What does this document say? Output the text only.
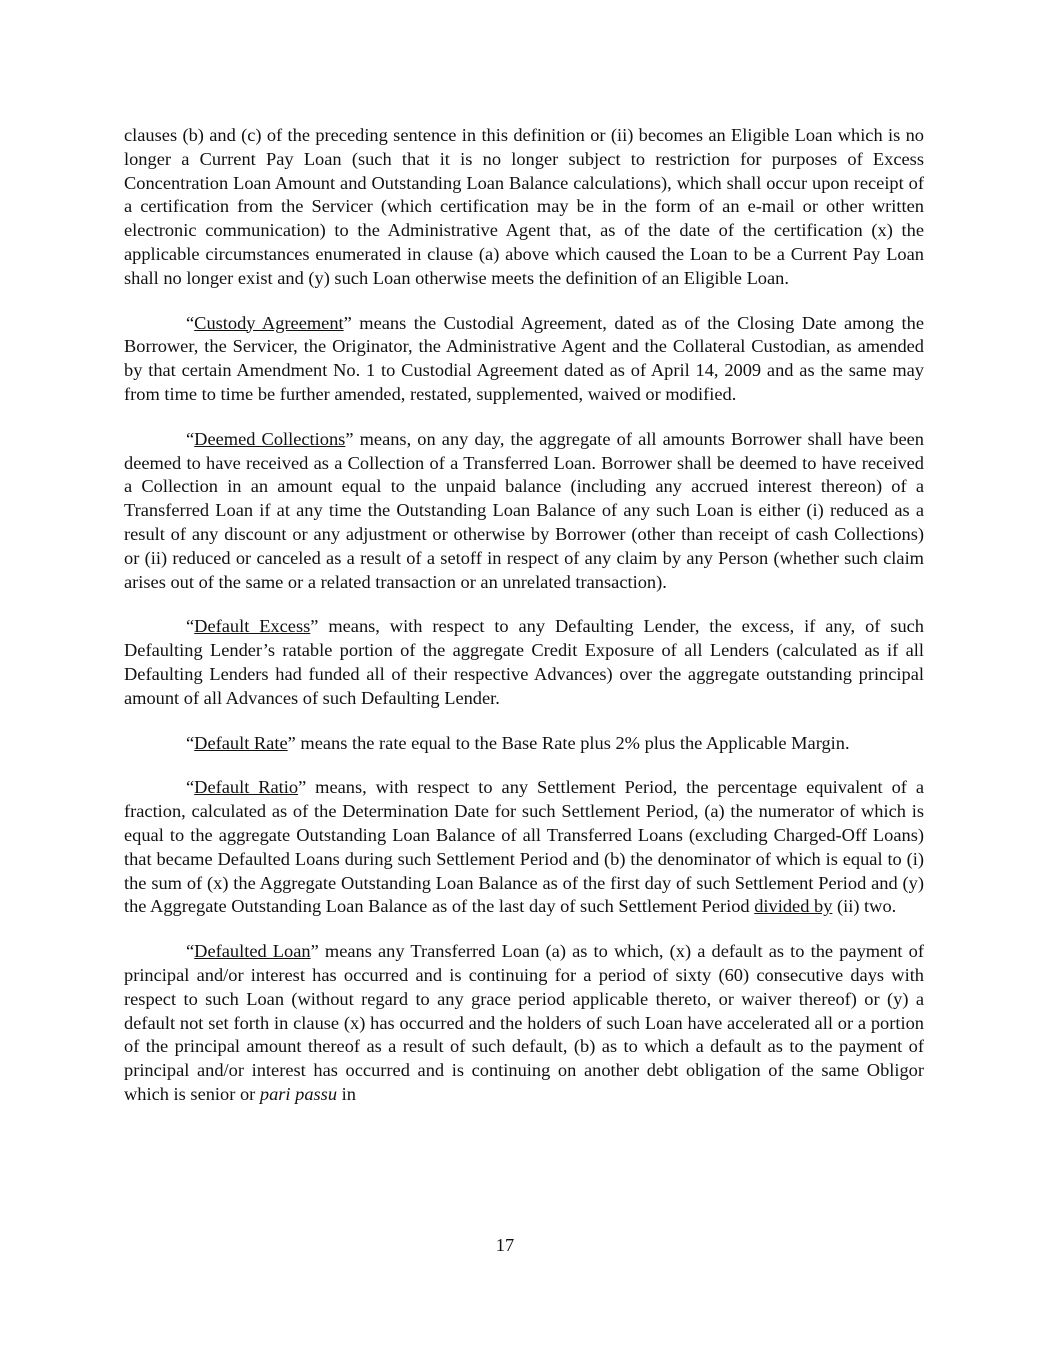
clauses (b) and (c) of the preceding sentence in this definition or (ii) becomes an Eligible Loan which is no longer a Current Pay Loan (such that it is no longer subject to restriction for purposes of Excess Concentration Loan Amount and Outstanding Loan Balance calculations), which shall occur upon receipt of a certification from the Servicer (which certification may be in the form of an e-mail or other written electronic communication) to the Administrative Agent that, as of the date of the certification (x) the applicable circumstances enumerated in clause (a) above which caused the Loan to be a Current Pay Loan shall no longer exist and (y) such Loan otherwise meets the definition of an Eligible Loan.

“Custody Agreement” means the Custodial Agreement, dated as of the Closing Date among the Borrower, the Servicer, the Originator, the Administrative Agent and the Collateral Custodian, as amended by that certain Amendment No. 1 to Custodial Agreement dated as of April 14, 2009 and as the same may from time to time be further amended, restated, supplemented, waived or modified.

“Deemed Collections” means, on any day, the aggregate of all amounts Borrower shall have been deemed to have received as a Collection of a Transferred Loan. Borrower shall be deemed to have received a Collection in an amount equal to the unpaid balance (including any accrued interest thereon) of a Transferred Loan if at any time the Outstanding Loan Balance of any such Loan is either (i) reduced as a result of any discount or any adjustment or otherwise by Borrower (other than receipt of cash Collections) or (ii) reduced or canceled as a result of a setoff in respect of any claim by any Person (whether such claim arises out of the same or a related transaction or an unrelated transaction).

“Default Excess” means, with respect to any Defaulting Lender, the excess, if any, of such Defaulting Lender’s ratable portion of the aggregate Credit Exposure of all Lenders (calculated as if all Defaulting Lenders had funded all of their respective Advances) over the aggregate outstanding principal amount of all Advances of such Defaulting Lender.

“Default Rate” means the rate equal to the Base Rate plus 2% plus the Applicable Margin.

“Default Ratio” means, with respect to any Settlement Period, the percentage equivalent of a fraction, calculated as of the Determination Date for such Settlement Period, (a) the numerator of which is equal to the aggregate Outstanding Loan Balance of all Transferred Loans (excluding Charged-Off Loans) that became Defaulted Loans during such Settlement Period and (b) the denominator of which is equal to (i) the sum of (x) the Aggregate Outstanding Loan Balance as of the first day of such Settlement Period and (y) the Aggregate Outstanding Loan Balance as of the last day of such Settlement Period divided by (ii) two.

“Defaulted Loan” means any Transferred Loan (a) as to which, (x) a default as to the payment of principal and/or interest has occurred and is continuing for a period of sixty (60) consecutive days with respect to such Loan (without regard to any grace period applicable thereto, or waiver thereof) or (y) a default not set forth in clause (x) has occurred and the holders of such Loan have accelerated all or a portion of the principal amount thereof as a result of such default, (b) as to which a default as to the payment of principal and/or interest has occurred and is continuing on another debt obligation of the same Obligor which is senior or pari passu in

17
